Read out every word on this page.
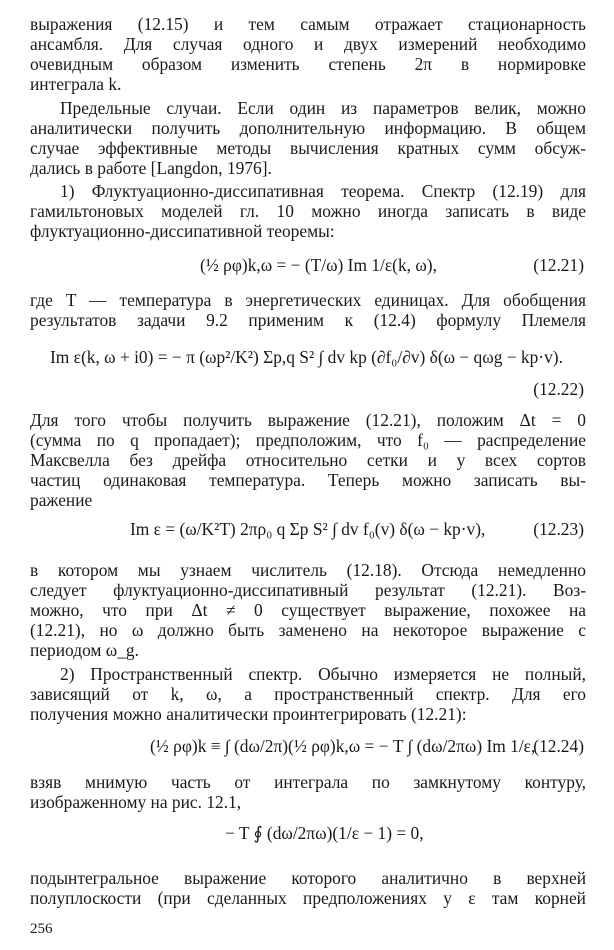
выражения (12.15) и тем самым отражает стационарность
ансамбля. Для случая одного и двух измерений необходимо
очевидным образом изменить степень 2π в нормировке
интеграла k.
Предельные случаи. Если один из параметров велик, можно
аналитически получить дополнительную информацию. В общем
случае эффективные методы вычисления кратных сумм обсуж-
дались в работе [Langdon, 1976].
1) Флуктуационно-диссипативная теорема. Спектр (12.19) для
гамильтоновых моделей гл. 10 можно иногда записать в виде
флуктуационно-диссипативной теоремы:
(½ ρφ)k,ω = − (T/ω) Im 1/ε(k, ω),	(12.21)
где T — температура в энергетических единицах. Для обобщения
результатов задачи 9.2 применим к (12.4) формулу Племеля
Im ε(k, ω + i0) = − π (ωp²/K²) Σp,q S² ∫ dv kp (∂f₀/∂v) δ(ω − qωg − kp·v).
(12.22)
Для того чтобы получить выражение (12.21), положим Δt = 0
(сумма по q пропадает); предположим, что f₀ — распределение
Максвелла без дрейфа относительно сетки и у всех сортов
частиц одинаковая температура. Теперь можно записать вы-
ражение
Im ε = (ω/K²T) 2πρ₀ q Σp S² ∫ dv f₀(v) δ(ω − kp·v),	(12.23)
в котором мы узнаем числитель (12.18). Отсюда немедленно
следует флуктуационно-диссипативный результат (12.21). Воз-
можно, что при Δt ≠ 0 существует выражение, похожее на
(12.21), но ω должно быть заменено на некоторое выражение с
периодом ω_g.
2) Пространственный спектр. Обычно измеряется не полный,
зависящий от k, ω, а пространственный спектр. Для его
получения можно аналитически проинтегрировать (12.21):
(½ ρφ)k ≡ ∫ (dω/2π)(½ ρφ)k,ω = − T ∫ (dω/2πω) Im 1/ε,
(12.24)
взяв мнимую часть от интеграла по замкнутому контуру,
изображенному на рис. 12.1,
− T ∮ (dω/2πω)(1/ε − 1) = 0,
подынтегральное выражение которого аналитично в верхней
полуплоскости (при сделанных предположениях у ε там корней
256
